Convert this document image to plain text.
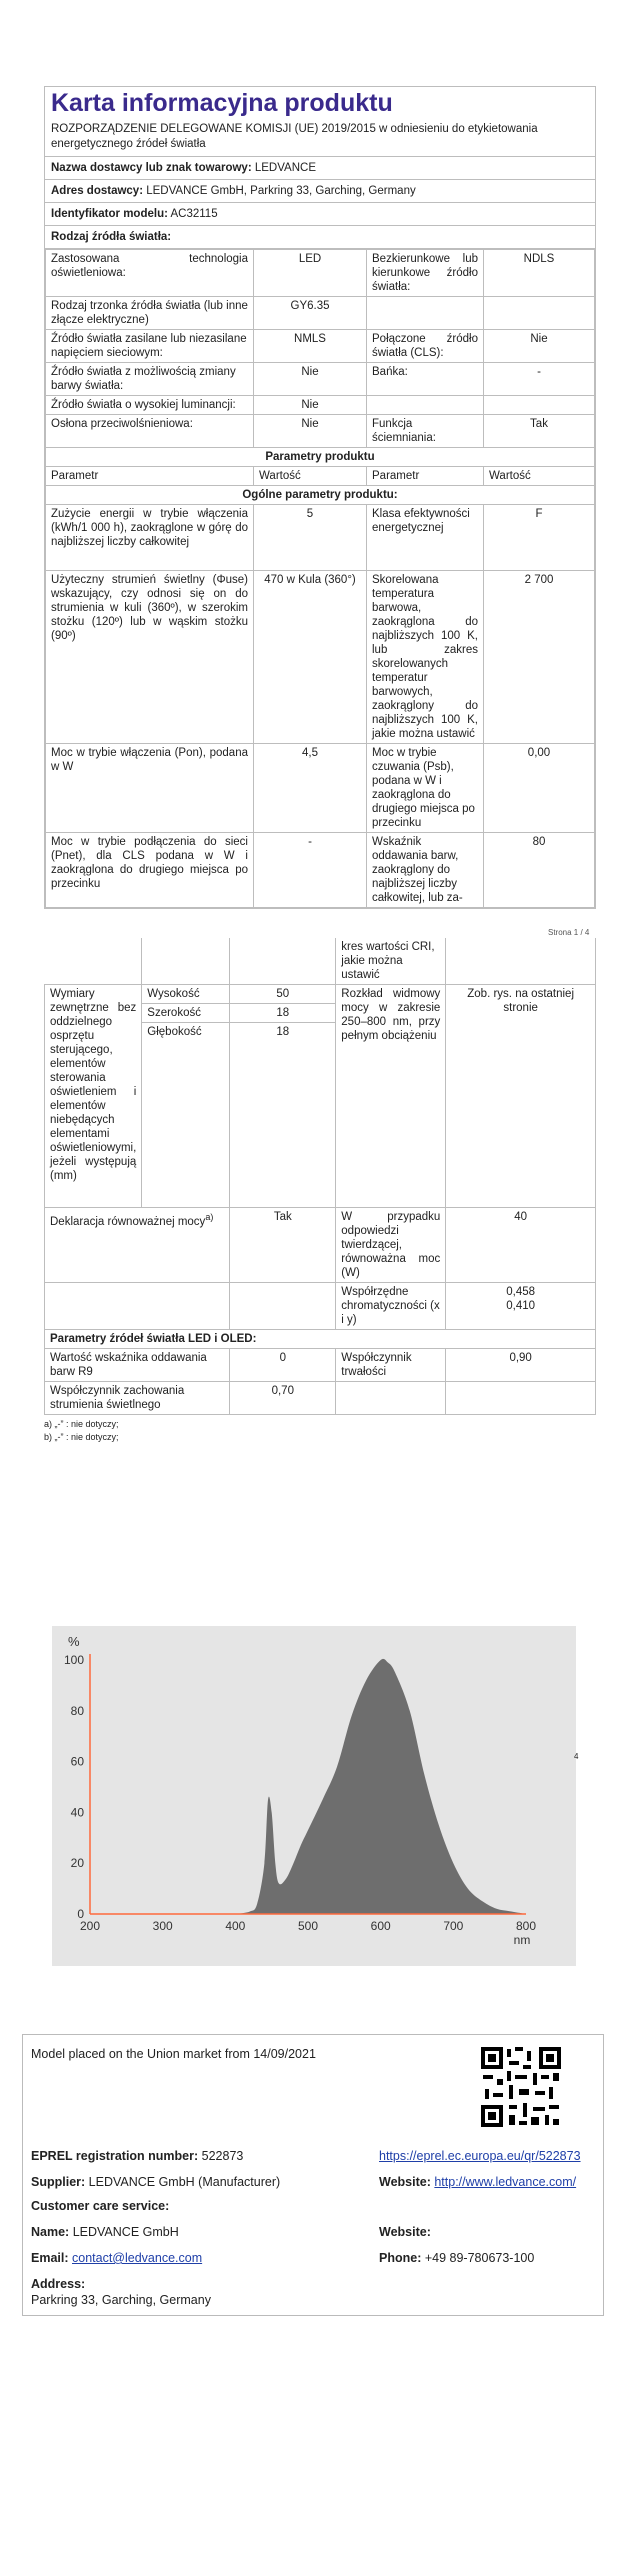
Karta informacyjna produktu
ROZPORZĄDZENIE DELEGOWANE KOMISJI (UE) 2019/2015 w odniesieniu do etykietowania energetycznego źródeł światła
Nazwa dostawcy lub znak towarowy: LEDVANCE
Adres dostawcy: LEDVANCE GmbH, Parkring 33, Garching, Germany
Identyfikator modelu: AC32115
Rodzaj źródła światła:
Zastosowana technologia oświetleniowa:	LED	Bezkierunkowe lub kierunkowe źródło światła:	NDLS
Rodzaj trzonka źródła światła (lub inne złącze elektryczne)	GY6.35		
Źródło światła zasilane lub niezasilane napięciem sieciowym:	NMLS	Połączone źródło światła (CLS):	Nie
Źródło światła z możliwością zmiany barwy światła:	Nie	Bańka:	-
Źródło światła o wysokiej luminancji:	Nie		
Osłona przeciwolśnieniowa:	Nie	Funkcja ściemniania:	Tak
Parametry produktu			
Parametr	Wartość	Parametr	Wartość
Ogólne parametry produktu:			
Zużycie energii w trybie włączenia (kWh/1 000 h), zaokrąglone w górę do najbliższej liczby całkowitej	5	Klasa efektywności energetycznej	F
Użyteczny strumień świetlny (Φuse) wskazujący, czy odnosi się on do strumienia w kuli (360º), w szerokim stożku (120º) lub w wąskim stożku (90º)	470 w Kula (360°)	Skorelowana temperatura barwowa, zaokrąglona do najbliższych 100 K, lub zakres skorelowanych temperatur barwowych, zaokrąglony do najbliższych 100 K, jakie można ustawić	2 700
Moc w trybie włączenia (Pon), podana w W	4,5	Moc w trybie czuwania (Psb), podana w W i zaokrąglona do drugiego miejsca po przecinku	0,00
Moc w trybie podłączenia do sieci (Pnet), dla CLS podana w W i zaokrąglona do drugiego miejsca po przecinku	-	Wskaźnik oddawania barw, zaokrąglony do najbliższej liczby całkowitej, lub za-	80
Strona 1 / 4
			kres wartości CRI, jakie można ustawić	
Wymiary zewnętrzne bez oddzielnego osprzętu sterującego, elementów sterowania oświetleniem i elementów niebędących elementami oświetleniowymi, jeżeli występują (mm)	Wysokość	50	Rozkład widmowy mocy w zakresie 250–800 nm, przy pełnym obciążeniu	Zob. rys. na ostatniej stronie
	Szerokość	18		
	Głębokość	18		
Deklaracja równoważnej mocy$^{a)}$		Tak	W przypadku odpowiedzi twierdzącej, równoważna moc (W)	40
			Współrzędne chromatyczności (x i y)	0,458
0,410

Parametry źródeł światła LED i OLED:				
Wartość wskaźnika oddawania barw R9		0	Współczynnik trwałości	0,90
Współczynnik zachowania strumienia świetlnego		0,70		
a) „-” : nie dotyczy;
b) „-” : nie dotyczy;
%
0
20
40
60
80
100
200	300	400	500	600	700	800
nm
4
Model placed on the Union market from 14/09/2021
EPREL registration number: 522873	https://eprel.ec.europa.eu/qr/522873
Supplier: LEDVANCE GmbH (Manufacturer)	Website: http://www.ledvance.com/
Customer care service:
Name: LEDVANCE GmbH	Website:
Email: contact@ledvance.com	Phone: +49 89-780673-100
Address:
Parkring 33, Garching, Germany
